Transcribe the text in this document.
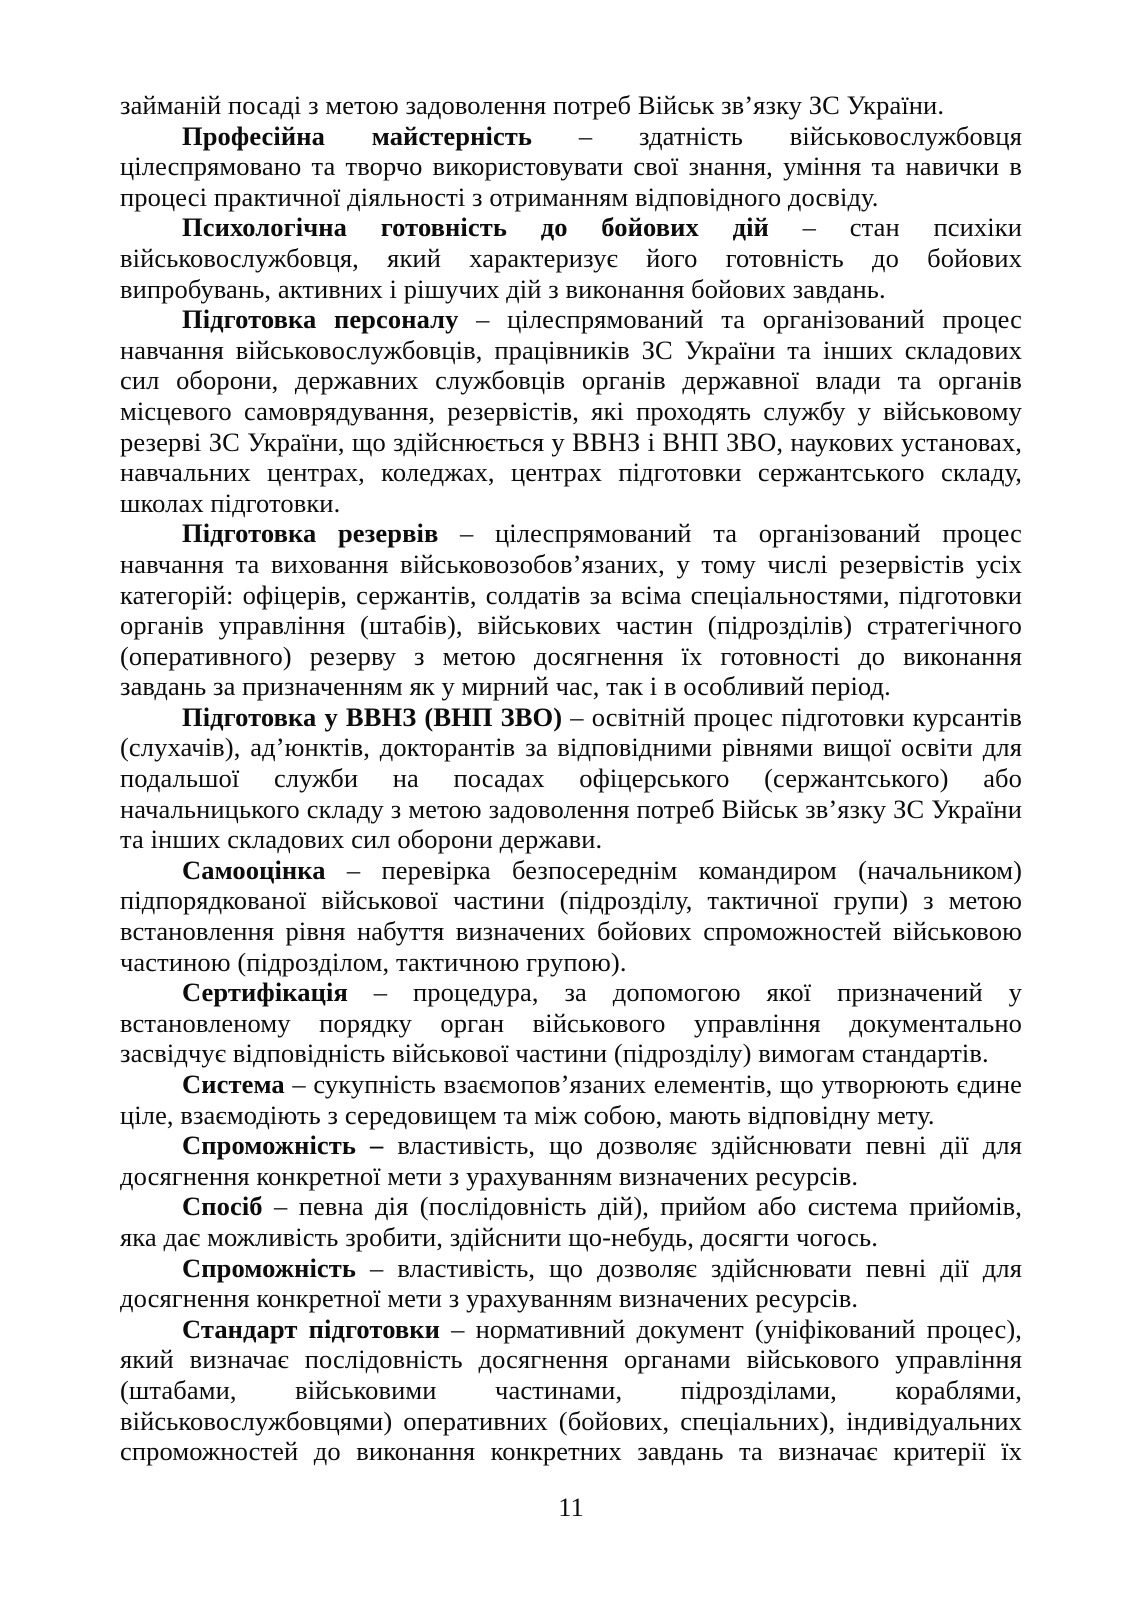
займаній посаді з метою задоволення потреб Військ зв’язку ЗС України.

Професійна майстерність – здатність військовослужбовця цілеспрямовано та творчо використовувати свої знання, уміння та навички в процесі практичної діяльності з отриманням відповідного досвіду.

Психологічна готовність до бойових дій – стан психіки військовослужбовця, який характеризує його готовність до бойових випробувань, активних і рішучих дій з виконання бойових завдань.

Підготовка персоналу – цілеспрямований та організований процес навчання військовослужбовців, працівників ЗС України та інших складових сил оборони, державних службовців органів державної влади та органів місцевого самоврядування, резервістів, які проходять службу у військовому резерві ЗС України, що здійснюється у ВВНЗ і ВНП ЗВО, наукових установах, навчальних центрах, коледжах, центрах підготовки сержантського складу, школах підготовки.

Підготовка резервів – цілеспрямований та організований процес навчання та виховання військовозобов’язаних, у тому числі резервістів усіх категорій: офіцерів, сержантів, солдатів за всіма спеціальностями, підготовки органів управління (штабів), військових частин (підрозділів) стратегічного (оперативного) резерву з метою досягнення їх готовності до виконання завдань за призначенням як у мирний час, так і в особливий період.

Підготовка у ВВНЗ (ВНП ЗВО) – освітній процес підготовки курсантів (слухачів), ад’юнктів, докторантів за відповідними рівнями вищої освіти для подальшої служби на посадах офіцерського (сержантського) або начальницького складу з метою задоволення потреб Військ зв’язку ЗС України та інших складових сил оборони держави.

Самооцінка – перевірка безпосереднім командиром (начальником) підпорядкованої військової частини (підрозділу, тактичної групи) з метою встановлення рівня набуття визначених бойових спроможностей військовою частиною (підрозділом, тактичною групою).

Сертифікація – процедура, за допомогою якої призначений у встановленому порядку орган військового управління документально засвідчує відповідність військової частини (підрозділу) вимогам стандартів.

Система – сукупність взаємопов’язаних елементів, що утворюють єдине ціле, взаємодіють з середовищем та між собою, мають відповідну мету.

Спроможність – властивість, що дозволяє здійснювати певні дії для досягнення конкретної мети з урахуванням визначених ресурсів.

Спосіб – певна дія (послідовність дій), прийом або система прийомів, яка дає можливість зробити, здійснити що-небудь, досягти чогось.

Спроможність – властивість, що дозволяє здійснювати певні дії для досягнення конкретної мети з урахуванням визначених ресурсів.

Стандарт підготовки – нормативний документ (уніфікований процес), який визначає послідовність досягнення органами військового управління (штабами, військовими частинами, підрозділами, кораблями, військовослужбовцями) оперативних (бойових, спеціальних), індивідуальних спроможностей до виконання конкретних завдань та визначає критерії їх

11
